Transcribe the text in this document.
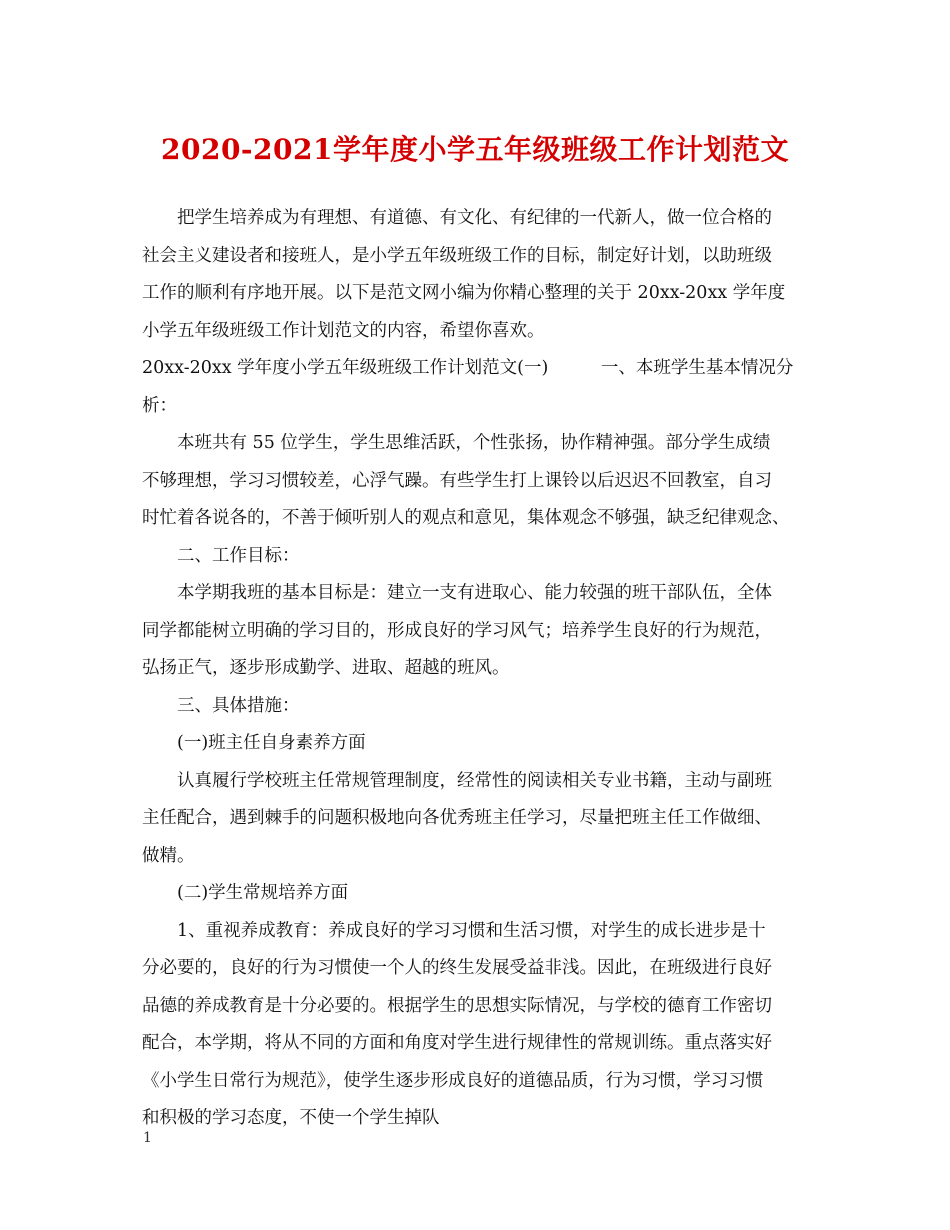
2020-2021学年度小学五年级班级工作计划范文
　　把学生培养成为有理想、有道德、有文化、有纪律的一代新人，做一位合格的
社会主义建设者和接班人，是小学五年级班级工作的目标，制定好计划，以助班级
工作的顺利有序地开展。以下是范文网小编为你精心整理的关于 20xx-20xx 学年度
小学五年级班级工作计划范文的内容，希望你喜欢。
20xx-20xx 学年度小学五年级班级工作计划范文(一)　　　一、本班学生基本情况分
析：
　　本班共有 55 位学生，学生思维活跃，个性张扬，协作精神强。部分学生成绩
不够理想，学习习惯较差，心浮气躁。有些学生打上课铃以后迟迟不回教室，自习
时忙着各说各的，不善于倾听别人的观点和意见，集体观念不够强，缺乏纪律观念、
　　二、工作目标：
　　本学期我班的基本目标是：建立一支有进取心、能力较强的班干部队伍，全体
同学都能树立明确的学习目的，形成良好的学习风气；培养学生良好的行为规范，
弘扬正气，逐步形成勤学、进取、超越的班风。
　　三、具体措施：
　　(一)班主任自身素养方面
　　认真履行学校班主任常规管理制度，经常性的阅读相关专业书籍，主动与副班
主任配合，遇到棘手的问题积极地向各优秀班主任学习，尽量把班主任工作做细、
做精。
　　(二)学生常规培养方面
　　1、重视养成教育：养成良好的学习习惯和生活习惯，对学生的成长进步是十
分必要的，良好的行为习惯使一个人的终生发展受益非浅。因此，在班级进行良好
品德的养成教育是十分必要的。根据学生的思想实际情况，与学校的德育工作密切
配合，本学期，将从不同的方面和角度对学生进行规律性的常规训练。重点落实好
《小学生日常行为规范》，使学生逐步形成良好的道德品质，行为习惯，学习习惯
和积极的学习态度，不使一个学生掉队
1
